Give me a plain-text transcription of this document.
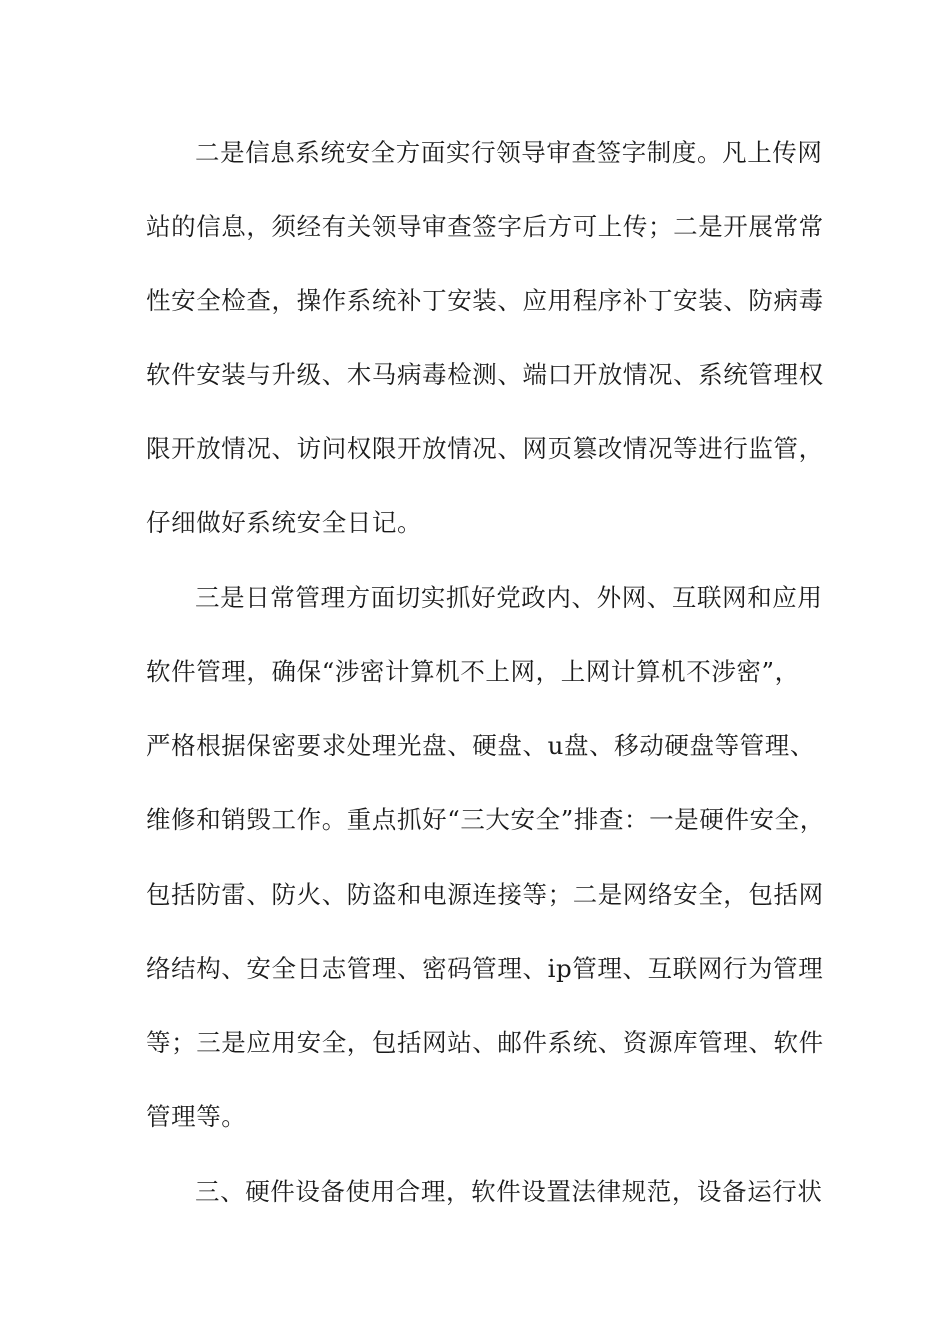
二是信息系统安全方面实行领导审查签字制度。凡上传网
站的信息，须经有关领导审查签字后方可上传；二是开展常常
性安全检查，操作系统补丁安装、应用程序补丁安装、防病毒
软件安装与升级、木马病毒检测、端口开放情况、系统管理权
限开放情况、访问权限开放情况、网页篡改情况等进行监管，
仔细做好系统安全日记。
三是日常管理方面切实抓好党政内、外网、互联网和应用
软件管理，确保“涉密计算机不上网，上网计算机不涉密”，
严格根据保密要求处理光盘、硬盘、u盘、移动硬盘等管理、
维修和销毁工作。重点抓好“三大安全”排查：一是硬件安全，
包括防雷、防火、防盗和电源连接等；二是网络安全，包括网
络结构、安全日志管理、密码管理、ip管理、互联网行为管理
等；三是应用安全，包括网站、邮件系统、资源库管理、软件
管理等。
三、硬件设备使用合理，软件设置法律规范，设备运行状
